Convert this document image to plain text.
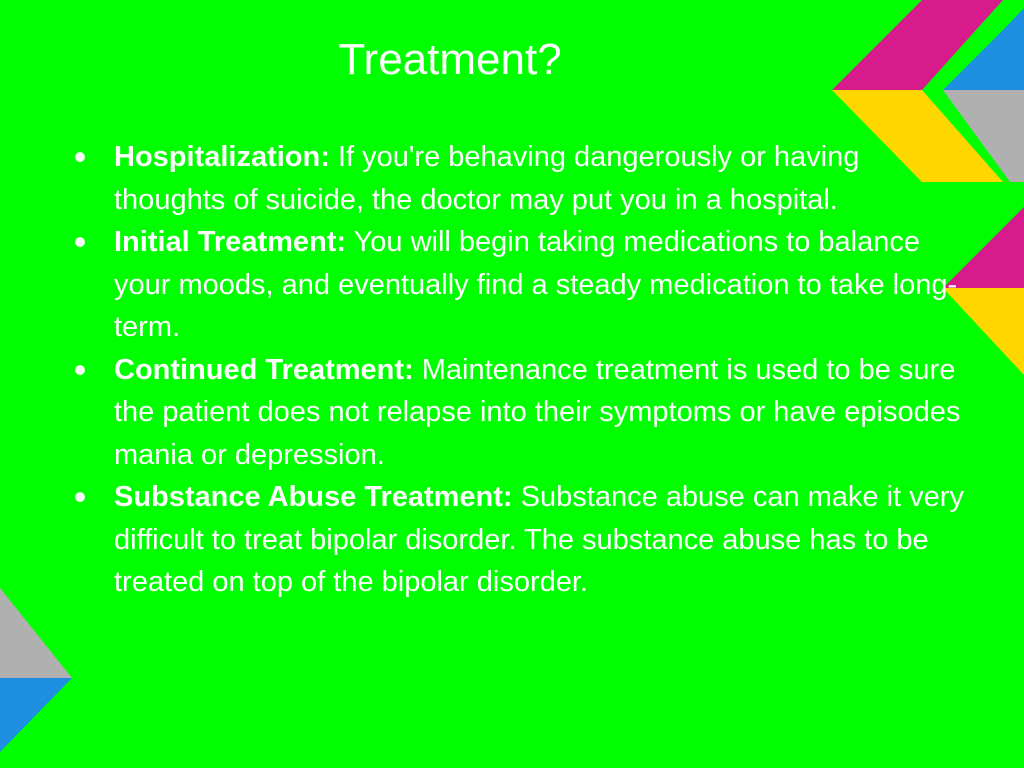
Treatment?
• Hospitalization: If you're behaving dangerously or having thoughts of suicide, the doctor may put you in a hospital.
• Initial Treatment: You will begin taking medications to balance your moods, and eventually find a steady medication to take long-term.
• Continued Treatment: Maintenance treatment is used to be sure the patient does not relapse into their symptoms or have episodes mania or depression.
• Substance Abuse Treatment: Substance abuse can make it very difficult to treat bipolar disorder. The substance abuse has to be treated on top of the bipolar disorder.
